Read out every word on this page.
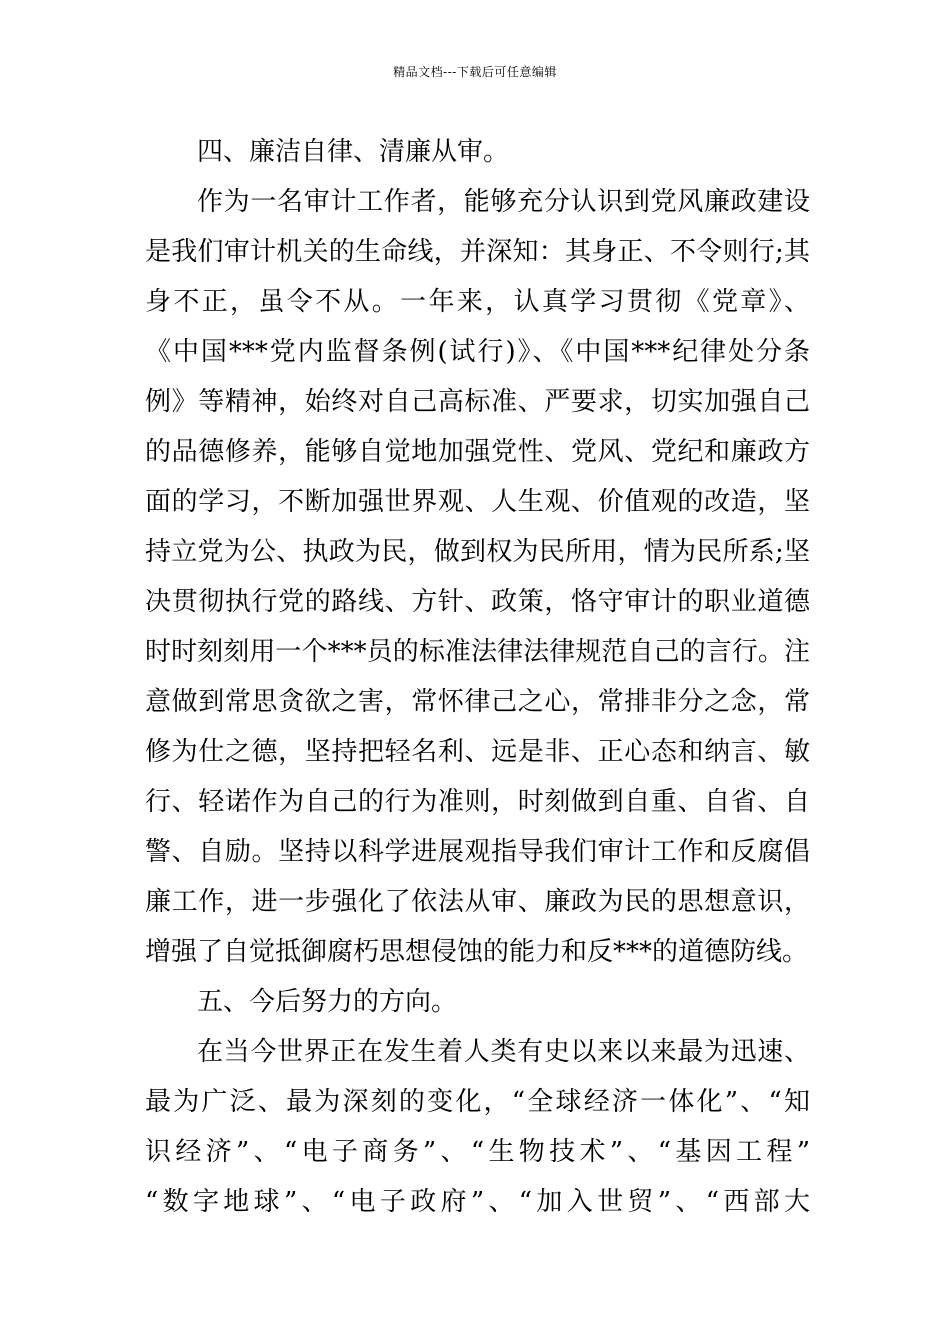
精品文档---下载后可任意编辑
四、廉洁自律、清廉从审。
作为一名审计工作者，能够充分认识到党风廉政建设
是我们审计机关的生命线，并深知：其身正、不令则行;其
身不正，虽令不从。一年来，认真学习贯彻《党章》、
《中国***党内监督条例(试行)》、《中国***纪律处分条
例》等精神，始终对自己高标准、严要求，切实加强自己
的品德修养，能够自觉地加强党性、党风、党纪和廉政方
面的学习，不断加强世界观、人生观、价值观的改造，坚
持立党为公、执政为民，做到权为民所用，情为民所系;坚
决贯彻执行党的路线、方针、政策，恪守审计的职业道德
时时刻刻用一个***员的标准法律法律规范自己的言行。注
意做到常思贪欲之害，常怀律己之心，常排非分之念，常
修为仕之德，坚持把轻名利、远是非、正心态和纳言、敏
行、轻诺作为自己的行为准则，时刻做到自重、自省、自
警、自励。坚持以科学进展观指导我们审计工作和反腐倡
廉工作，进一步强化了依法从审、廉政为民的思想意识，
增强了自觉抵御腐朽思想侵蚀的能力和反***的道德防线。
五、今后努力的方向。
在当今世界正在发生着人类有史以来以来最为迅速、
最为广泛、最为深刻的变化，“全球经济一体化”、“知
识经济”、“电子商务”、“生物技术”、“基因工程”
“数字地球”、“电子政府”、“加入世贸”、“西部大
